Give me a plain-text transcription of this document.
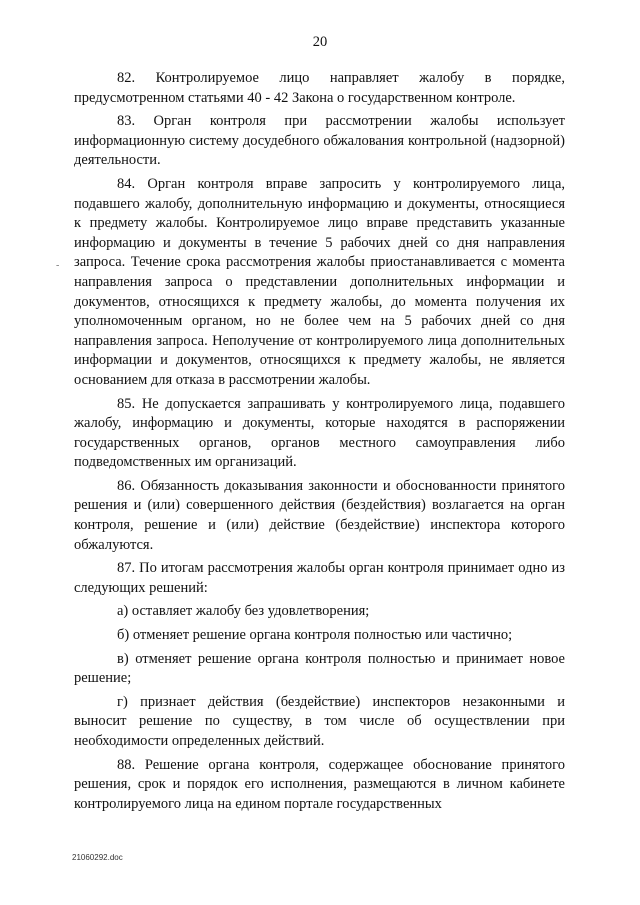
20
-

82. Контролируемое лицо направляет жалобу в порядке, предусмотренном статьями 40 - 42 Закона о государственном контроле.

83. Орган контроля при рассмотрении жалобы использует информационную систему досудебного обжалования контрольной (надзорной) деятельности.

84. Орган контроля вправе запросить у контролируемого лица, подавшего жалобу, дополнительную информацию и документы, относящиеся к предмету жалобы. Контролируемое лицо вправе представить указанные информацию и документы в течение 5 рабочих дней со дня направления запроса. Течение срока рассмотрения жалобы приостанавливается с момента направления запроса о представлении дополнительных информации и документов, относящихся к предмету жалобы, до момента получения их уполномоченным органом, но не более чем на 5 рабочих дней со дня направления запроса. Неполучение от контролируемого лица дополнительных информации и документов, относящихся к предмету жалобы, не является основанием для отказа в рассмотрении жалобы.

85. Не допускается запрашивать у контролируемого лица, подавшего жалобу, информацию и документы, которые находятся в распоряжении государственных органов, органов местного самоуправления либо подведомственных им организаций.

86. Обязанность доказывания законности и обоснованности принятого решения и (или) совершенного действия (бездействия) возлагается на орган контроля, решение и (или) действие (бездействие) инспектора которого обжалуются.

87. По итогам рассмотрения жалобы орган контроля принимает одно из следующих решений:

а) оставляет жалобу без удовлетворения;

б) отменяет решение органа контроля полностью или частично;

в) отменяет решение органа контроля полностью и принимает новое решение;

г) признает действия (бездействие) инспекторов незаконными и выносит решение по существу, в том числе об осуществлении при необходимости определенных действий.

88. Решение органа контроля, содержащее обоснование принятого решения, срок и порядок его исполнения, размещаются в личном кабинете контролируемого лица на едином портале государственных

21060292.doc
